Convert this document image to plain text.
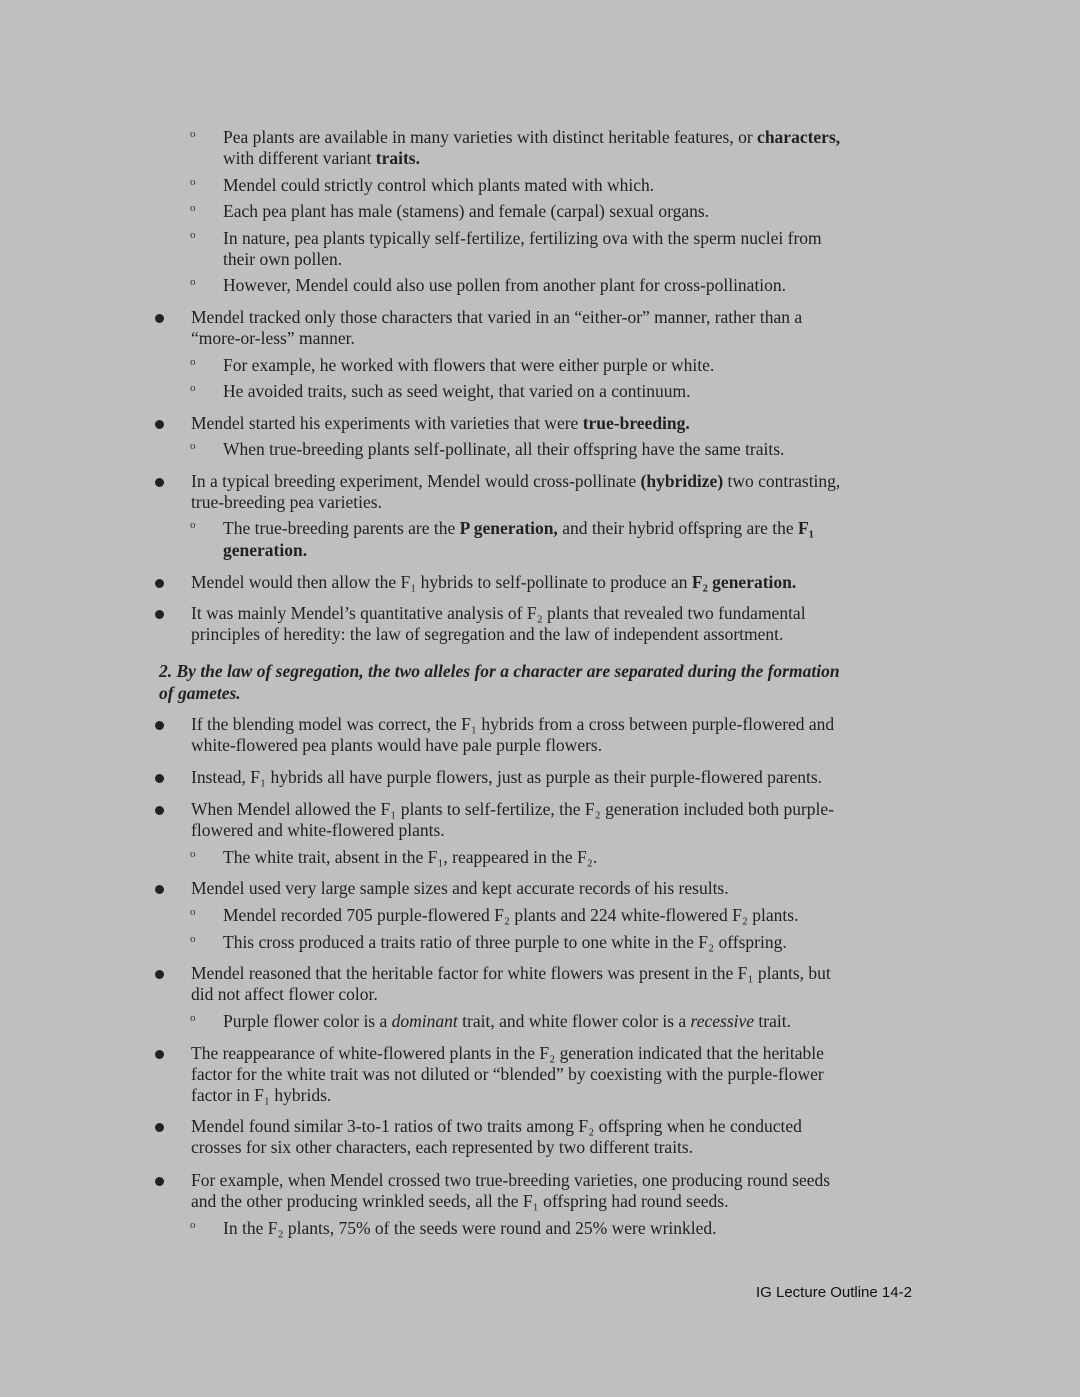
o Pea plants are available in many varieties with distinct heritable features, or characters,
with different variant traits.
o Mendel could strictly control which plants mated with which.
o Each pea plant has male (stamens) and female (carpal) sexual organs.
o In nature, pea plants typically self-fertilize, fertilizing ova with the sperm nuclei from
their own pollen.
o However, Mendel could also use pollen from another plant for cross-pollination.
Mendel tracked only those characters that varied in an “either-or” manner, rather than a
“more-or-less” manner.
o For example, he worked with flowers that were either purple or white.
o He avoided traits, such as seed weight, that varied on a continuum.
Mendel started his experiments with varieties that were true-breeding.
o When true-breeding plants self-pollinate, all their offspring have the same traits.
In a typical breeding experiment, Mendel would cross-pollinate (hybridize) two contrasting,
true-breeding pea varieties.
o The true-breeding parents are the P generation, and their hybrid offspring are the F₁
generation.
Mendel would then allow the F₁ hybrids to self-pollinate to produce an F₂ generation.
It was mainly Mendel’s quantitative analysis of F₂ plants that revealed two fundamental
principles of heredity: the law of segregation and the law of independent assortment.
2. By the law of segregation, the two alleles for a character are separated during the formation
of gametes.
If the blending model was correct, the F₁ hybrids from a cross between purple-flowered and
white-flowered pea plants would have pale purple flowers.
Instead, F₁ hybrids all have purple flowers, just as purple as their purple-flowered parents.
When Mendel allowed the F₁ plants to self-fertilize, the F₂ generation included both purple-
flowered and white-flowered plants.
o The white trait, absent in the F₁, reappeared in the F₂.
Mendel used very large sample sizes and kept accurate records of his results.
o Mendel recorded 705 purple-flowered F₂ plants and 224 white-flowered F₂ plants.
o This cross produced a traits ratio of three purple to one white in the F₂ offspring.
Mendel reasoned that the heritable factor for white flowers was present in the F₁ plants, but
did not affect flower color.
o Purple flower color is a dominant trait, and white flower color is a recessive trait.
The reappearance of white-flowered plants in the F₂ generation indicated that the heritable
factor for the white trait was not diluted or “blended” by coexisting with the purple-flower
factor in F₁ hybrids.
Mendel found similar 3-to-1 ratios of two traits among F₂ offspring when he conducted
crosses for six other characters, each represented by two different traits.
For example, when Mendel crossed two true-breeding varieties, one producing round seeds
and the other producing wrinkled seeds, all the F₁ offspring had round seeds.
o In the F₂ plants, 75% of the seeds were round and 25% were wrinkled.
IG Lecture Outline 14-2
